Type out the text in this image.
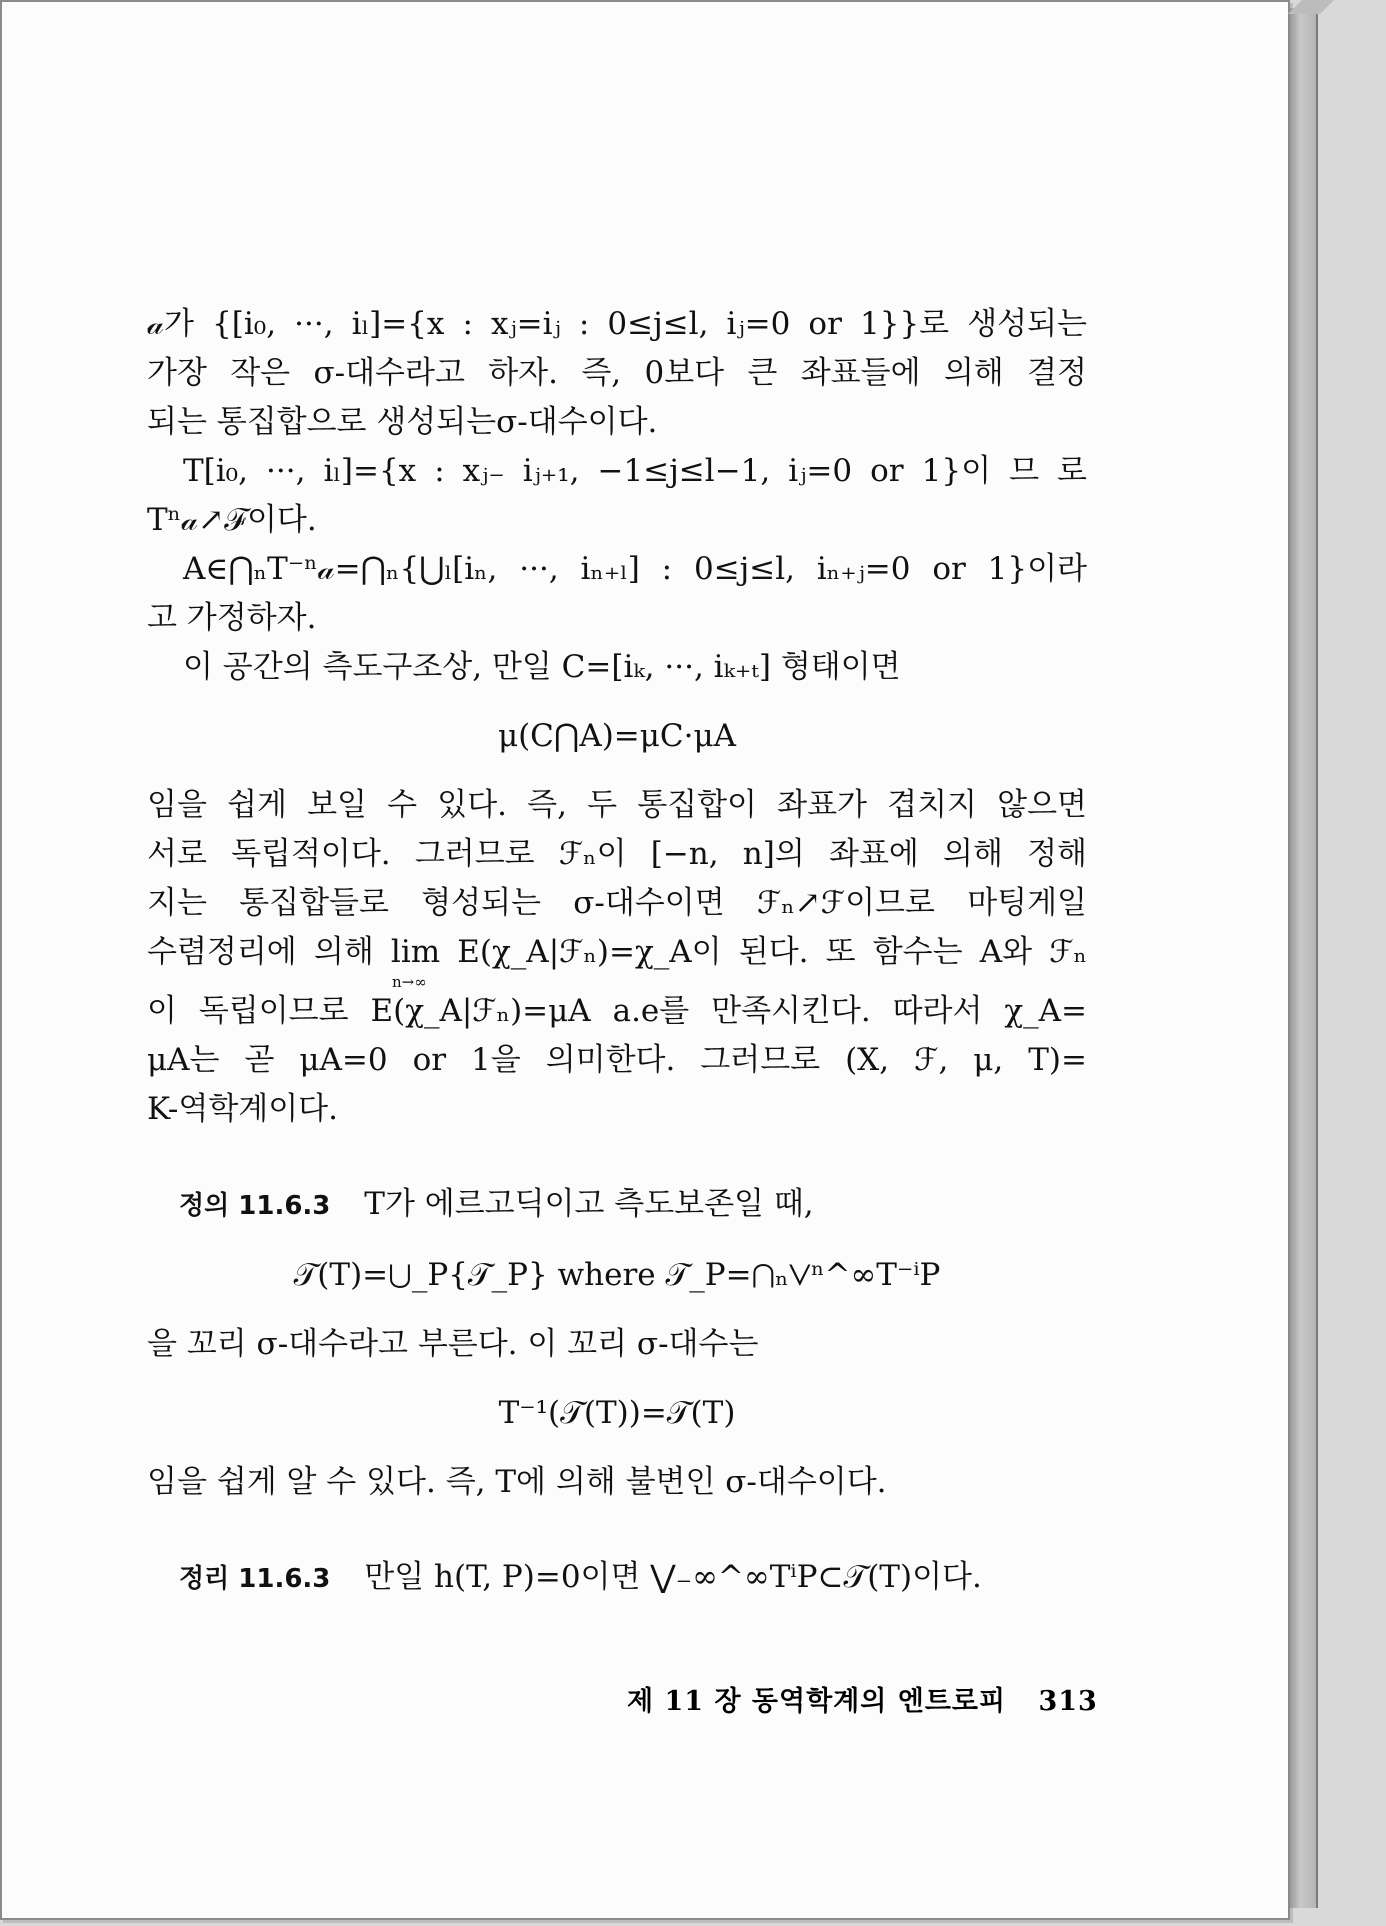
𝒶가 {[i₀, ···, iₗ]={x : xⱼ=iⱼ : 0≤j≤l, iⱼ=0 or 1}}로 생성되는
가장 작은 σ-대수라고 하자. 즉, 0보다 큰 좌표들에 의해 결정
되는 통집합으로 생성되는σ-대수이다.
T[i₀, ···, iₗ]={x : xⱼ₋ iⱼ₊₁, −1≤j≤l−1, iⱼ=0 or 1}이 므 로
Tⁿ𝒶↗ℱ이다.
A∈⋂ₙT⁻ⁿ𝒶=⋂ₙ{⋃ₗ[iₙ, ···, iₙ₊ₗ] : 0≤j≤l, iₙ₊ⱼ=0 or 1}이라
고 가정하자.
이 공간의 측도구조상, 만일 C=[iₖ, ···, iₖ₊ₜ] 형태이면
μ(C⋂A)=μC·μA
임을 쉽게 보일 수 있다. 즉, 두 통집합이 좌표가 겹치지 않으면
서로 독립적이다. 그러므로 ℱₙ이 [−n, n]의 좌표에 의해 정해
지는 통집합들로 형성되는 σ-대수이면 ℱₙ↗ℱ이므로 마팅게일
수렴정리에 의해 lim E(χ_A|ℱₙ)=χ_A이 된다. 또 함수는 A와 ℱₙ
n→∞
이 독립이므로 E(χ_A|ℱₙ)=μA a.e를 만족시킨다. 따라서 χ_A=
μA는 곧 μA=0 or 1을 의미한다. 그러므로 (X, ℱ, μ, T)=
K-역학계이다.
정의 11.6.3 T가 에르고딕이고 측도보존일 때,
𝒯(T)=⋃_P{𝒯_P} where 𝒯_P=⋂ₙ⋁ⁿ^∞T⁻ⁱP
을 꼬리 σ-대수라고 부른다. 이 꼬리 σ-대수는
T⁻¹(𝒯(T))=𝒯(T)
임을 쉽게 알 수 있다. 즉, T에 의해 불변인 σ-대수이다.
정리 11.6.3 만일 h(T, P)=0이면 ⋁₋∞^∞TⁱP⊂𝒯(T)이다.
제 11 장 동역학계의 엔트로피 313
